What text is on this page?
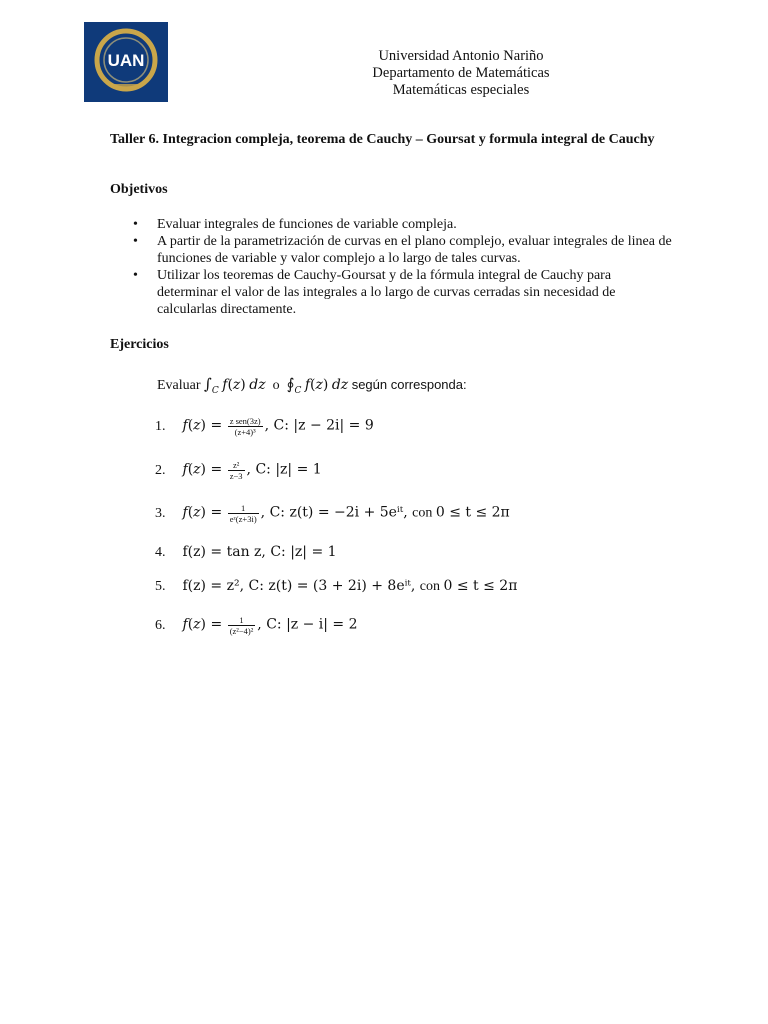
UAN	Universidad Antonio Nariño
Departamento de Matemáticas
Matemáticas especiales
Taller 6. Integracion compleja, teorema de Cauchy – Goursat y formula integral de Cauchy
Objetivos
• Evaluar integrales de funciones de variable compleja.
• A partir de la parametrización de curvas en el plano complejo, evaluar integrales de linea de funciones de variable y valor complejo a lo largo de tales curvas.
• Utilizar los teoremas de Cauchy-Goursat y de la fórmula integral de Cauchy para determinar el valor de las integrales a lo largo de curvas cerradas sin necesidad de calcularlas directamente.
Ejercicios
Evaluar $\int_C$ f(z) dz o $∮_C$ f(z) dz según corresponda:
1. $f(z) = \frac{\text{z sen(3z)}}{\text{(z+4)³}}$ , C: |z − 2i| = 9
2. $f(z) = \frac{\text{z²}}{z-3}$ , C: |z| = 1
3. $f(z) = \frac{1}{\text{eᶻ(z+3i)}}$ , C: z(t) = −2i + 5eⁱᵗ, con 0 ≤ t ≤ 2π
4. f(z) = tan z, C: |z| = 1
5. f(z) = z², C: z(t) = (3 + 2i) + 8eⁱᵗ, con 0 ≤ t ≤ 2π
6. $f(z) = \frac{1}{\text{(z²−4)²}}$ , C: |z − i| = 2
